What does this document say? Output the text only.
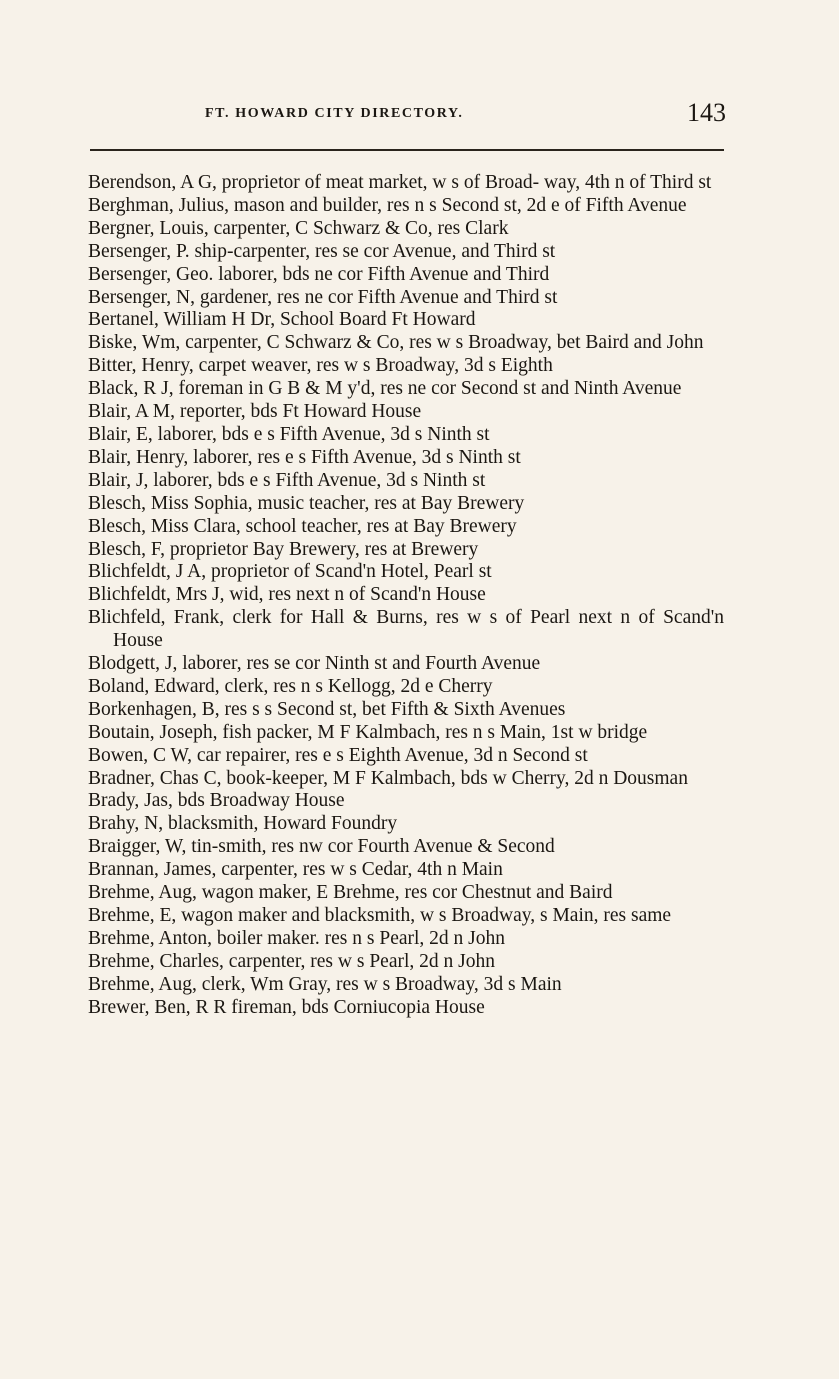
FT. HOWARD CITY DIRECTORY.	143
Berendson, A G, proprietor of meat market, w s of Broad- way, 4th n of Third st
Berghman, Julius, mason and builder, res n s Second st, 2d e of Fifth Avenue
Bergner, Louis, carpenter, C Schwarz & Co, res Clark
Bersenger, P. ship-carpenter, res se cor Avenue, and Third st
Bersenger, Geo. laborer, bds ne cor Fifth Avenue and Third
Bersenger, N, gardener, res ne cor Fifth Avenue and Third st
Bertanel, William H Dr, School Board Ft Howard
Biske, Wm, carpenter, C Schwarz & Co, res w s Broadway, bet Baird and John
Bitter, Henry, carpet weaver, res w s Broadway, 3d s Eighth
Black, R J, foreman in G B & M y'd, res ne cor Second st and Ninth Avenue
Blair, A M, reporter, bds Ft Howard House
Blair, E, laborer, bds e s Fifth Avenue, 3d s Ninth st
Blair, Henry, laborer, res e s Fifth Avenue, 3d s Ninth st
Blair, J, laborer, bds e s Fifth Avenue, 3d s Ninth st
Blesch, Miss Sophia, music teacher, res at Bay Brewery
Blesch, Miss Clara, school teacher, res at Bay Brewery
Blesch, F, proprietor Bay Brewery, res at Brewery
Blichfeldt, J A, proprietor of Scand'n Hotel, Pearl st
Blichfeldt, Mrs J, wid, res next n of Scand'n House
Blichfeld, Frank, clerk for Hall & Burns, res w s of Pearl next n of Scand'n House
Blodgett, J, laborer, res se cor Ninth st and Fourth Avenue
Boland, Edward, clerk, res n s Kellogg, 2d e Cherry
Borkenhagen, B, res s s Second st, bet Fifth & Sixth Avenues
Boutain, Joseph, fish packer, M F Kalmbach, res n s Main, 1st w bridge
Bowen, C W, car repairer, res e s Eighth Avenue, 3d n Second st
Bradner, Chas C, book-keeper, M F Kalmbach, bds w Cherry, 2d n Dousman
Brady, Jas, bds Broadway House
Brahy, N, blacksmith, Howard Foundry
Braigger, W, tin-smith, res nw cor Fourth Avenue & Second
Brannan, James, carpenter, res w s Cedar, 4th n Main
Brehme, Aug, wagon maker, E Brehme, res cor Chestnut and Baird
Brehme, E, wagon maker and blacksmith, w s Broadway, s Main, res same
Brehme, Anton, boiler maker. res n s Pearl, 2d n John
Brehme, Charles, carpenter, res w s Pearl, 2d n John
Brehme, Aug, clerk, Wm Gray, res w s Broadway, 3d s Main
Brewer, Ben, R R fireman, bds Corniucopia House
